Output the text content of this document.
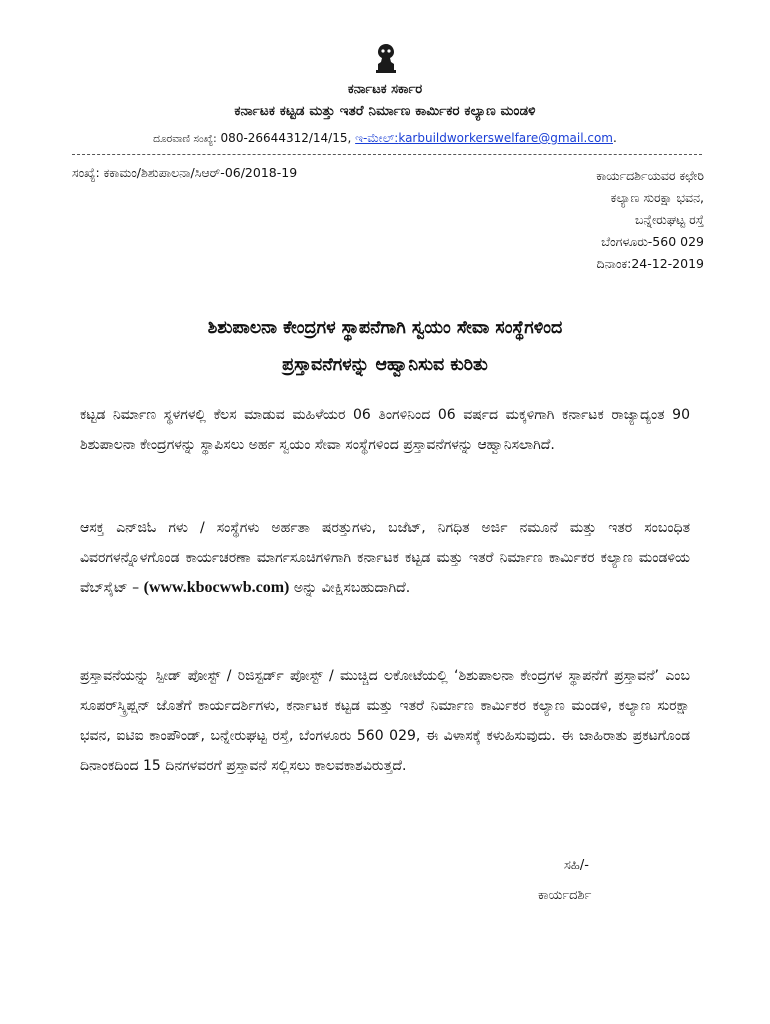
ಕರ್ನಾಟಕ ಸರ್ಕಾರ
ಕರ್ನಾಟಕ ಕಟ್ಟಡ ಮತ್ತು ಇತರೆ ನಿರ್ಮಾಣ ಕಾರ್ಮಿಕರ ಕಲ್ಯಾಣ ಮಂಡಳಿ
ದೂರವಾಣಿ ಸಂಖ್ಯೆ: 080-26644312/14/15, ಇ-ಮೇಲ್:karbuildworkerswelfare@gmail.com.
ಸಂಖ್ಯೆ: ಕಕಾಮಂ/ಶಿಶುಪಾಲನಾ/ಸಿಆರ್-06/2018-19	ಕಾರ್ಯದರ್ಶಿಯವರ ಕಛೇರಿ
ಕಲ್ಯಾಣ ಸುರಕ್ಷಾ ಭವನ,
ಬನ್ನೇರುಘಟ್ಟ ರಸ್ತೆ
ಬೆಂಗಳೂರು-560 029
ದಿನಾಂಕ:24-12-2019
ಶಿಶುಪಾಲನಾ ಕೇಂದ್ರಗಳ ಸ್ಥಾಪನೆಗಾಗಿ ಸ್ವಯಂ ಸೇವಾ ಸಂಸ್ಥೆಗಳಿಂದ
ಪ್ರಸ್ತಾವನೆಗಳನ್ನು ಆಹ್ವಾನಿಸುವ ಕುರಿತು
ಕಟ್ಟಡ ನಿರ್ಮಾಣ ಸ್ಥಳಗಳಲ್ಲಿ ಕೆಲಸ ಮಾಡುವ ಮಹಿಳೆಯರ 06 ತಿಂಗಳಿನಿಂದ 06 ವರ್ಷದ ಮಕ್ಕಳಿಗಾಗಿ ಕರ್ನಾಟಕ ರಾಜ್ಯಾದ್ಯಂತ 90 ಶಿಶುಪಾಲನಾ ಕೇಂದ್ರಗಳನ್ನು ಸ್ಥಾಪಿಸಲು ಅರ್ಹ ಸ್ವಯಂ ಸೇವಾ ಸಂಸ್ಥೆಗಳಿಂದ ಪ್ರಸ್ತಾವನೆಗಳನ್ನು ಆಹ್ವಾನಿಸಲಾಗಿದೆ.
ಆಸಕ್ತ ಎನ್‌ಜಿಓ ಗಳು / ಸಂಸ್ಥೆಗಳು ಅರ್ಹತಾ ಷರತ್ತುಗಳು, ಬಜೆಟ್, ನಿಗಧಿತ ಅರ್ಜಿ ನಮೂನೆ ಮತ್ತು ಇತರ ಸಂಬಂಧಿತ ವಿವರಗಳನ್ನೊಳಗೊಂಡ ಕಾರ್ಯಚರಣಾ ಮಾರ್ಗಸೂಚಿಗಳಿಗಾಗಿ ಕರ್ನಾಟಕ ಕಟ್ಟಡ ಮತ್ತು ಇತರೆ ನಿರ್ಮಾಣ ಕಾರ್ಮಿಕರ ಕಲ್ಯಾಣ ಮಂಡಳಿಯ ವೆಬ್‌ಸೈಟ್ – (www.kbocwwb.com) ಅನ್ನು ವೀಕ್ಷಿಸಬಹುದಾಗಿದೆ.
ಪ್ರಸ್ತಾವನೆಯನ್ನು ಸ್ಪೀಡ್ ಪೋಸ್ಟ್ / ರಿಜಿಸ್ಟರ್ಡ್ ಪೋಸ್ಟ್ / ಮುಚ್ಚಿದ ಲಕೋಟೆಯಲ್ಲಿ ‘ಶಿಶುಪಾಲನಾ ಕೇಂದ್ರಗಳ ಸ್ಥಾಪನೆಗೆ ಪ್ರಸ್ತಾವನೆ’ ಎಂಬ ಸೂಪರ್‌ಸ್ಕ್ರಿಪ್ಷನ್ ಜೊತೆಗೆ ಕಾರ್ಯದರ್ಶಿಗಳು, ಕರ್ನಾಟಕ ಕಟ್ಟಡ ಮತ್ತು ಇತರೆ ನಿರ್ಮಾಣ ಕಾರ್ಮಿಕರ ಕಲ್ಯಾಣ ಮಂಡಳಿ, ಕಲ್ಯಾಣ ಸುರಕ್ಷಾ ಭವನ, ಐಟಿಐ ಕಾಂಪೌಂಡ್, ಬನ್ನೇರುಘಟ್ಟ ರಸ್ತೆ, ಬೆಂಗಳೂರು 560 029, ಈ ವಿಳಾಸಕ್ಕೆ ಕಳುಹಿಸುವುದು. ಈ ಜಾಹಿರಾತು ಪ್ರಕಟಗೊಂಡ ದಿನಾಂಕದಿಂದ 15 ದಿನಗಳವರಗೆ ಪ್ರಸ್ತಾವನೆ ಸಲ್ಲಿಸಲು ಕಾಲವಕಾಶವಿರುತ್ತದೆ.
ಸಹಿ/-
ಕಾರ್ಯದರ್ಶಿ
